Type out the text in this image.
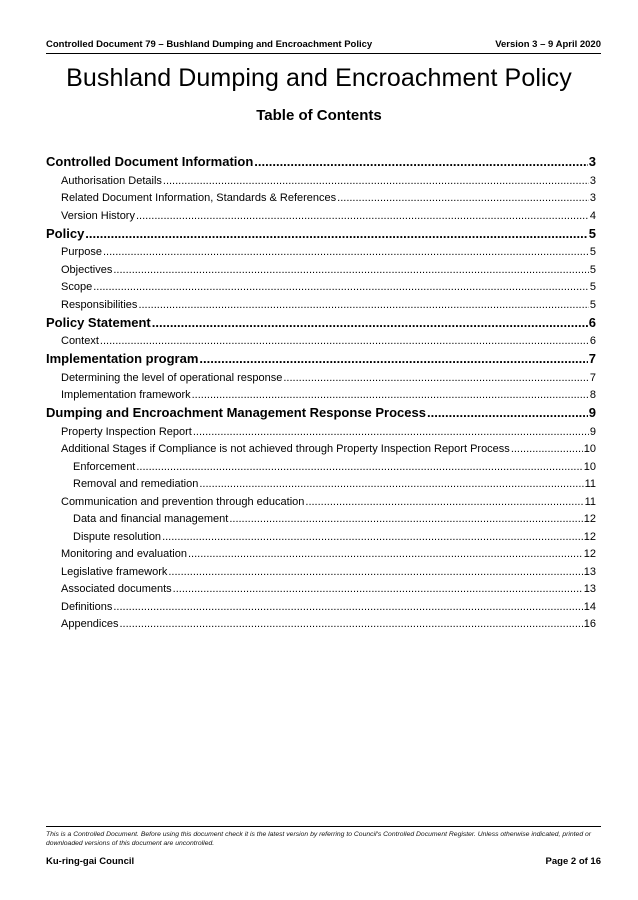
Controlled Document 79 – Bushland Dumping and Encroachment Policy	Version 3 – 9 April 2020
Bushland Dumping and Encroachment Policy
Table of Contents
Controlled Document Information .....	3
Authorisation Details .....	3
Related Document Information, Standards & References .....	3
Version History .....	4
Policy .....	5
Purpose .....	5
Objectives .....	5
Scope .....	5
Responsibilities .....	5
Policy Statement .....	6
Context .....	6
Implementation program .....	7
Determining the level of operational response .....	7
Implementation framework .....	8
Dumping and Encroachment Management Response Process .....	9
Property Inspection Report .....	9
Additional Stages if Compliance is not achieved through Property Inspection Report Process .....	10
Enforcement .....	10
Removal and remediation .....	11
Communication and prevention through education .....	11
Data and financial management .....	12
Dispute resolution .....	12
Monitoring and evaluation .....	12
Legislative framework .....	13
Associated documents .....	13
Definitions .....	14
Appendices .....	16
This is a Controlled Document. Before using this document check it is the latest version by referring to Council's Controlled Document Register. Unless otherwise indicated, printed or downloaded versions of this document are uncontrolled.
Ku-ring-gai Council	Page 2 of 16
